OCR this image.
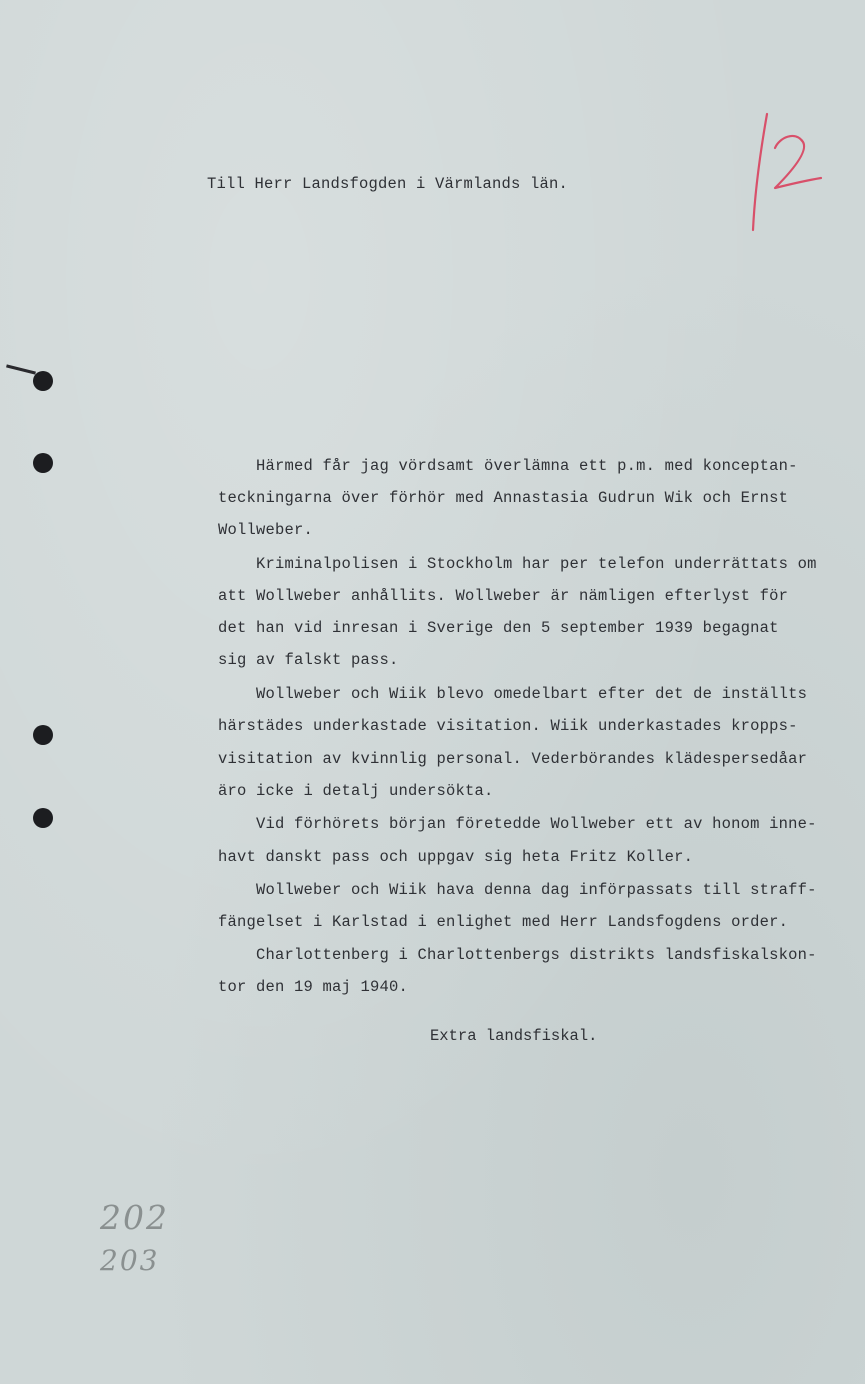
Till Herr Landsfogden i Värmlands län.
Härmed får jag vördsamt överlämna ett p.m. med konceptan-
teckningarna över förhör med Annastasia Gudrun Wik och Ernst
Wollweber.
Kriminalpolisen i Stockholm har per telefon underrättats om
att Wollweber anhållits. Wollweber är nämligen efterlyst för
det han vid inresan i Sverige den 5 september 1939 begagnat
sig av falskt pass.
Wollweber och Wiik blevo omedelbart efter det de inställts
härstädes underkastade visitation. Wiik underkastades kropps-
visitation av kvinnlig personal. Vederbörandes klädespersedåar
äro icke i detalj undersökta.
Vid förhörets början företedde Wollweber ett av honom inne-
havt danskt pass och uppgav sig heta Fritz Koller.
Wollweber och Wiik hava denna dag införpassats till straff-
fängelset i Karlstad i enlighet med Herr Landsfogdens order.
Charlottenberg i Charlottenbergs distrikts landsfiskalskon-
tor den 19 maj 1940.
Extra landsfiskal.
202
203
